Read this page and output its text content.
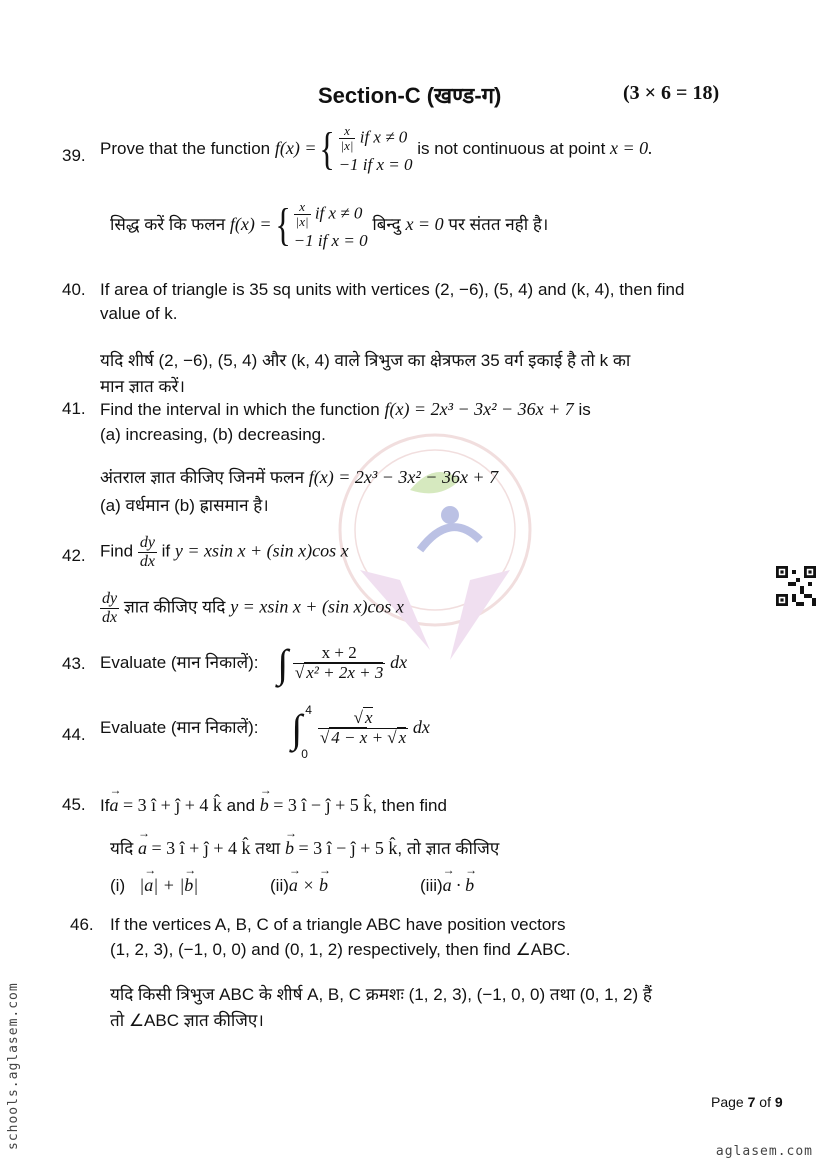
Section-C (खण्ड-ग)	(3 × 6 = 18)
39. Prove that the function f(x) ={ $\frac{x}{|x|}$ if x ≠ 0
−1 if x = 0
is not continuous at point x = 0.
सिद्ध करें कि फलन f(x) ={ $\frac{x}{|x|}$ if x ≠ 0
−1 if x = 0
बिन्दु x = 0 पर संतत नही है।
40. If area of triangle is 35 sq units with vertices (2, −6), (5, 4) and (k, 4), then find
value of k.
यदि शीर्ष (2, −6), (5, 4) और (k, 4) वाले त्रिभुज का क्षेत्रफल 35 वर्ग इकाई है तो k का
मान ज्ञात करें।
41. Find the interval in which the function f(x) = 2x³ − 3x² − 36x + 7 is
(a) increasing, (b) decreasing.
अंतराल ज्ञात कीजिए जिनमें फलन f(x) = 2x³ − 3x² − 36x + 7
(a) वर्धमान (b) ह्रासमान है।
42. Find $\frac{dy}{dx}$ if y = xsin x + (sin x)cos x
$\frac{dy}{dx}$ ज्ञात कीजिए यदि y = xsin x + (sin x)cos x
43. Evaluate (मान निकालें): ∫ $\frac{x + 2}{\text{√ x² + 2x + 3}}$ dx
44. Evaluate (मान निकालें): ∫ 4
0

$\frac{√ x}{√ 4 - x + √ x}$ dx
45. If→ a = 3 î + ĵ + 4 k̂ and → b = 3 î − ĵ + 5 k̂, then find
यदि → a = 3 î + ĵ + 4 k̂ तथा → b = 3 î − ĵ + 5 k̂, तो ज्ञात कीजिए
(i) |→ a| + |→ b|	(ii)→ a × → b	(iii)→ a · → b
46. If the vertices A, B, C of a triangle ABC have position vectors
(1, 2, 3), (−1, 0, 0) and (0, 1, 2) respectively, then find ∠ABC.
यदि किसी त्रिभुज ABC के शीर्ष A, B, C क्रमशः (1, 2, 3), (−1, 0, 0) तथा (0, 1, 2) हैं
तो ∠ABC ज्ञात कीजिए।
Page 7 of 9
aglasem.com
schools.aglasem.com
